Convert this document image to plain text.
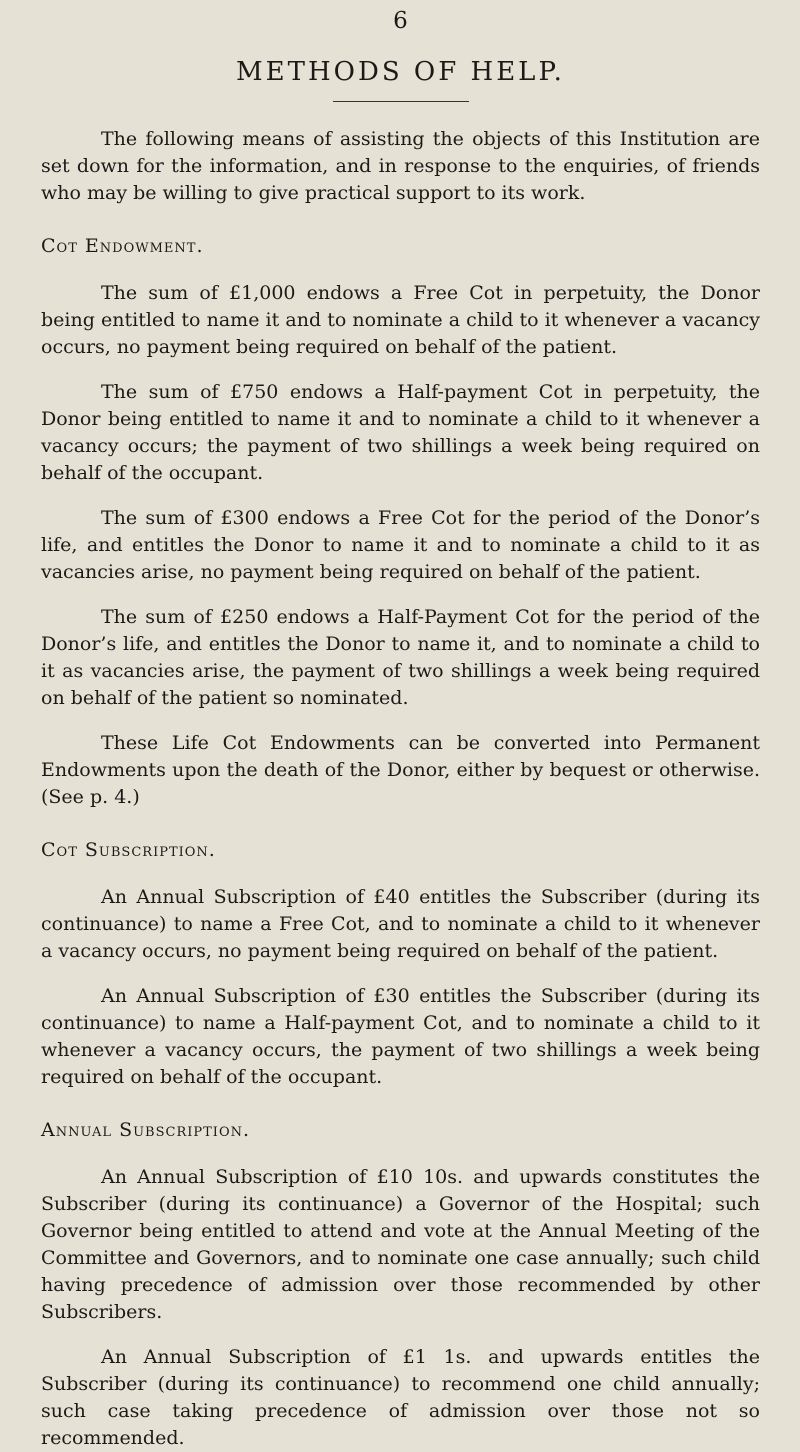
6

METHODS OF HELP.

The following means of assisting the objects of this Institution are set down for the information, and in response to the enquiries, of friends who may be willing to give practical support to its work.

Cot Endowment.

The sum of £1,000 endows a Free Cot in perpetuity, the Donor being entitled to name it and to nominate a child to it whenever a vacancy occurs, no payment being required on behalf of the patient.

The sum of £750 endows a Half-payment Cot in perpetuity, the Donor being entitled to name it and to nominate a child to it whenever a vacancy occurs; the payment of two shillings a week being required on behalf of the occupant.

The sum of £300 endows a Free Cot for the period of the Donor’s life, and entitles the Donor to name it and to nominate a child to it as vacancies arise, no payment being required on behalf of the patient.

The sum of £250 endows a Half-Payment Cot for the period of the Donor’s life, and entitles the Donor to name it, and to nominate a child to it as vacancies arise, the payment of two shillings a week being required on behalf of the patient so nominated.

These Life Cot Endowments can be converted into Permanent Endowments upon the death of the Donor, either by bequest or otherwise. (See p. 4.)

Cot Subscription.

An Annual Subscription of £40 entitles the Subscriber (during its continuance) to name a Free Cot, and to nominate a child to it whenever a vacancy occurs, no payment being required on behalf of the patient.

An Annual Subscription of £30 entitles the Subscriber (during its continuance) to name a Half-payment Cot, and to nominate a child to it whenever a vacancy occurs, the payment of two shillings a week being required on behalf of the occupant.

Annual Subscription.

An Annual Subscription of £10 10s. and upwards constitutes the Subscriber (during its continuance) a Governor of the Hospital; such Governor being entitled to attend and vote at the Annual Meeting of the Committee and Governors, and to nominate one case annually; such child having precedence of admission over those recommended by other Subscribers.

An Annual Subscription of £1 1s. and upwards entitles the Subscriber (during its continuance) to recommend one child annually; such case taking precedence of admission over those not so recommended.
